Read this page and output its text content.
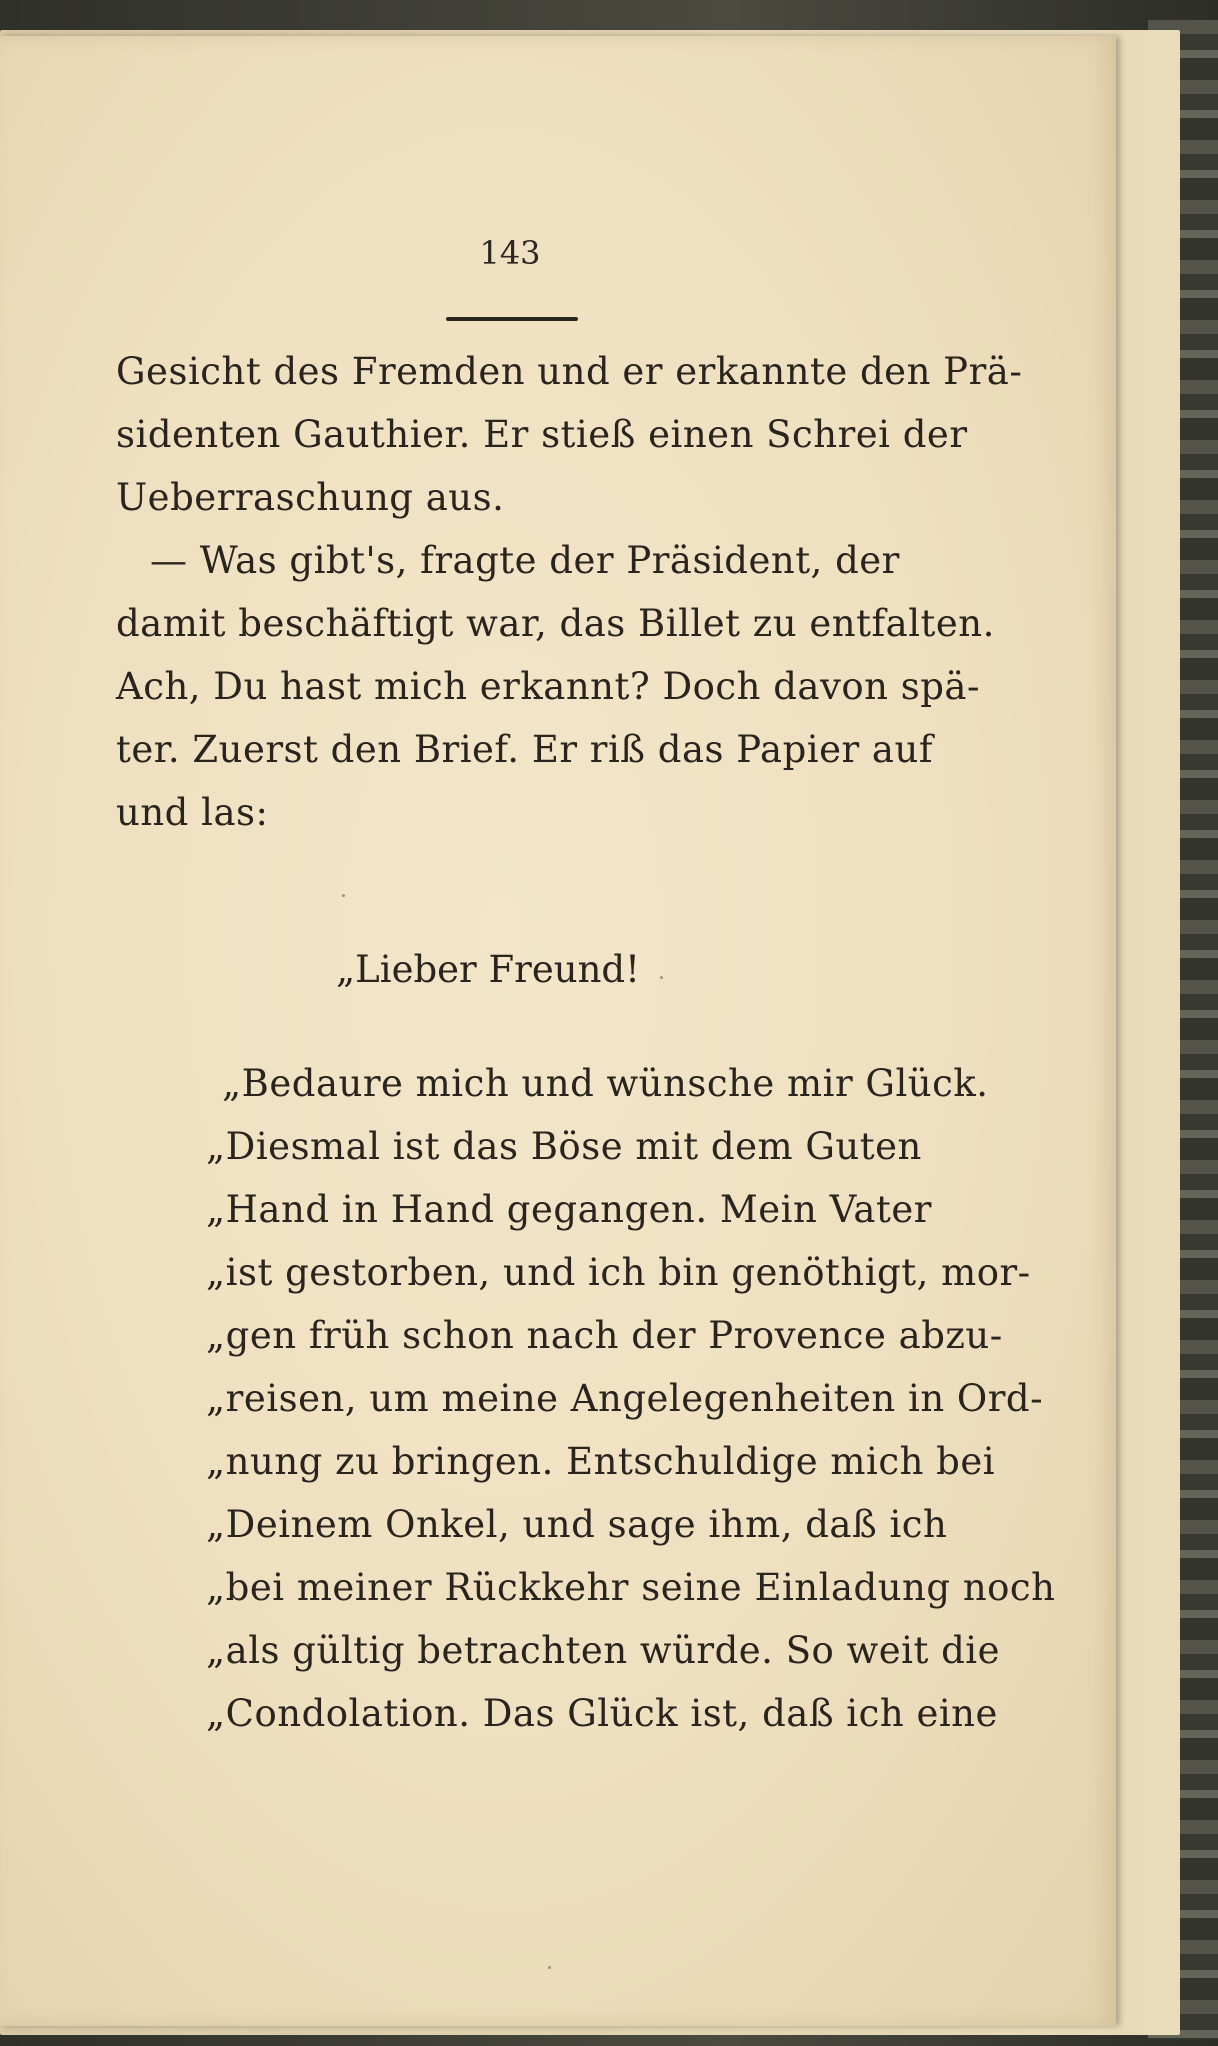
143
Gesicht des Fremden und er erkannte den Prä-
sidenten Gauthier. Er stieß einen Schrei der
Ueberraschung aus.
— Was gibt's, fragte der Präsident, der
damit beschäftigt war, das Billet zu entfalten.
Ach, Du hast mich erkannt? Doch davon spä-
ter. Zuerst den Brief. Er riß das Papier auf
und las:
„Lieber Freund!
„Bedaure mich und wünsche mir Glück.
„Diesmal ist das Böse mit dem Guten
„Hand in Hand gegangen. Mein Vater
„ist gestorben, und ich bin genöthigt, mor-
„gen früh schon nach der Provence abzu-
„reisen, um meine Angelegenheiten in Ord-
„nung zu bringen. Entschuldige mich bei
„Deinem Onkel, und sage ihm, daß ich
„bei meiner Rückkehr seine Einladung noch
„als gültig betrachten würde. So weit die
„Condolation. Das Glück ist, daß ich eine
